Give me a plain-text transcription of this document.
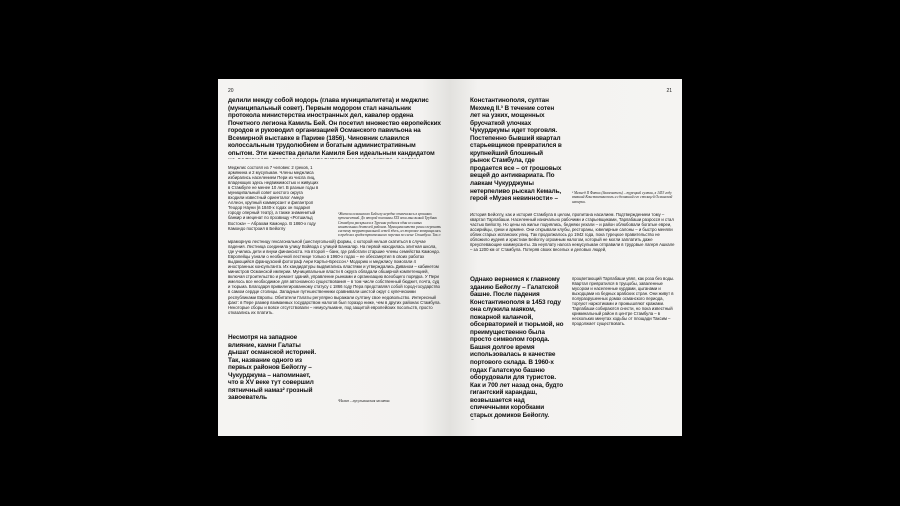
20

делили между собой модорь (глава муниципалитета) и меджлис (муниципальный совет). Первым модором стал начальник протокола министерства иностранных дел, кавалер ордена Почетного легиона Камиль Бей. Он посетил множество европейских городов и руководил организацией Османского павильона на Всемирной выставке в Париже (1856). Чиновник славился колоссальным трудолюбием и богатым административным опытом. Эти качества делали Камиля Бея идеальным кандидатом

Меджлис состоял из 7 человек: 2 греков, 1 армянина и 2 мусульман. Члены меджлиса избирались населением Пери из числа лиц, владеющих здесь недвижимостью и живущих в Стамбуле не менее 10 лет. В разные годы в муниципальный совет шестого округа входили известный ориенталог Амеде Аллеон, крупный коммерсант и филантроп Теодор Науни (в 1840-х годах он подарил городу оперный театр), а также знаменитый банкир и меценат по прозвищу «Ротшильд Востока» – Абрахам Камондо. В 1860-х году Камондо построил в Бейоглу

¹Жители османского Бейоглу нередко отмечались в хрониках путешествий. До второй половины XIX века мыслимый Трубник Стамбула раскрылся в Турении родился один из самых влиятельных деятелей районов. Муниципалитета решил перенять систему территориальной сетей здесь, из торговое возвращались в пределах градостроительного перечня по схеме Стамбула. Так о

мраморную лестницу гексагональной (шестиугольной) формы, с которой нельзя скатиться в случае падения. Лестница соединила улицу Войвода с улицей Банкалар. На первой находилась элитная школа, где учились дети и внуки финансиста. На второй – банк, где работали старшие члены семейства Камондо. Европейцы узнали о необычной лестнице только в 1960-х годах – ее обессмертил в своих работах выдающийся французский фотограф Анри Картье-Брессон.¹ Модорию и меджлису помогали 4 иностранных консультанта. Их кандидатуры выдвигались властями и утверждались Диваном – кабинетом министров Османской империи. Муниципальные власти 6 округа обладали обширной компетенцией, включая строительство и ремонт зданий, управление рынками и организацию всеобщего порядка. У Пери имелось все необходимое для автономного существования – в том числе собственный бюджет, почта, суд и тюрьма. Благодаря привилегированному статусу с 1866 году Пера представлял собой город-государство в самом сердце столицы. Западные путешественники сравнивали шестой округ с купеческими республиками Европы. Обитатели Галаты регулярно выражали султану свое недовольство. Интересный факт: в Пере размер взимаемых государством налогов был гораздо ниже, чем в других районах Стамбула. Некоторые сборы и вовсе отсутствовали – немусульмане, под защитой европейских посольств, просто отказались их платить.

Несмотря на западное влияние, камни Галаты дышат османской историей. Так, название одного из первых районов Бейоглу – Чукурджума – напоминает, что в XV веке тут совершил пятничный намаз² грозный завоеватель	²Намаз – мусульманская молитва.

21

Константинополя, султан Мехмед II.³ В течение сотен лет на узких, мощенных брусчаткой улочках Чукурджумы идет торговля. Постепенно бывший квартал старьевщиков превратился в крупнейший блошиный рынок Стамбула, где продается все – от грошовых вещей до антиквариата. По лавкам Чукурджумы нетерпеливо рыскал Кемаль, герой «Музея невинности» –

³ Мехмед II Фатих (Завоеватель) – турецкий султан, в 1453 году взявший Константинополь и сделавший его столицей Османской империи.

История Бейоглу, как и история Стамбула в целом, пропитана насилием. Подтверждением тому – квартал Тарлабаши. Населенный изначально рабочими и старьевщиками, Тарлабаши разросся и стал частью Бейоглу. Но цены на жилье поднялись, бедняки уехали – и район облюбовали богатые евреи, ассирийцы, греки и армяне. Они открывали клубы, рестораны, ювелирные салоны – и быстро меняли облик старых испанских улиц. Так продолжалось до 1942 года, пока турецкое правительство не обложило иудеев и христиан Бейоглу огромным налогом, который не могли заплатить даже преуспевающие коммерсанты. За неуплату налога немусульман отправили в трудовые лагеря Ашкале – за 1200 км от Стамбула. Потеряв своих веселых и деловых людей,

Однако вернемся к главному зданию Бейоглу – Галатской башне. После падения Константинополя в 1453 году она служила маяком, пожарной каланчой, обсерваторией и тюрьмой, но преимущественно была просто символом города. Башня долгое время использовалась в качестве портового склада. В 1960-х годах Галатскую башню оборудовали для туристов. Как и 700 лет назад она, будто гигантский карандаш, возвышается над спичечными коробками старых домиков Бейоглу.

процветающий Тарлабаши увял, как роза без воды. Квартал превратился в трущобы, заваленные мусором и населенные курдами, цыганами и выходцами из бедных арабских стран. Они живут в полуразрушенных домах османского периода, торгуют наркотиками и промышляют кражами. Тарлабаши собираются снести, но пока известный криминальный район в центре Стамбула – в нескольких минутах ходьбы от площади Таксим – продолжает существовать.
